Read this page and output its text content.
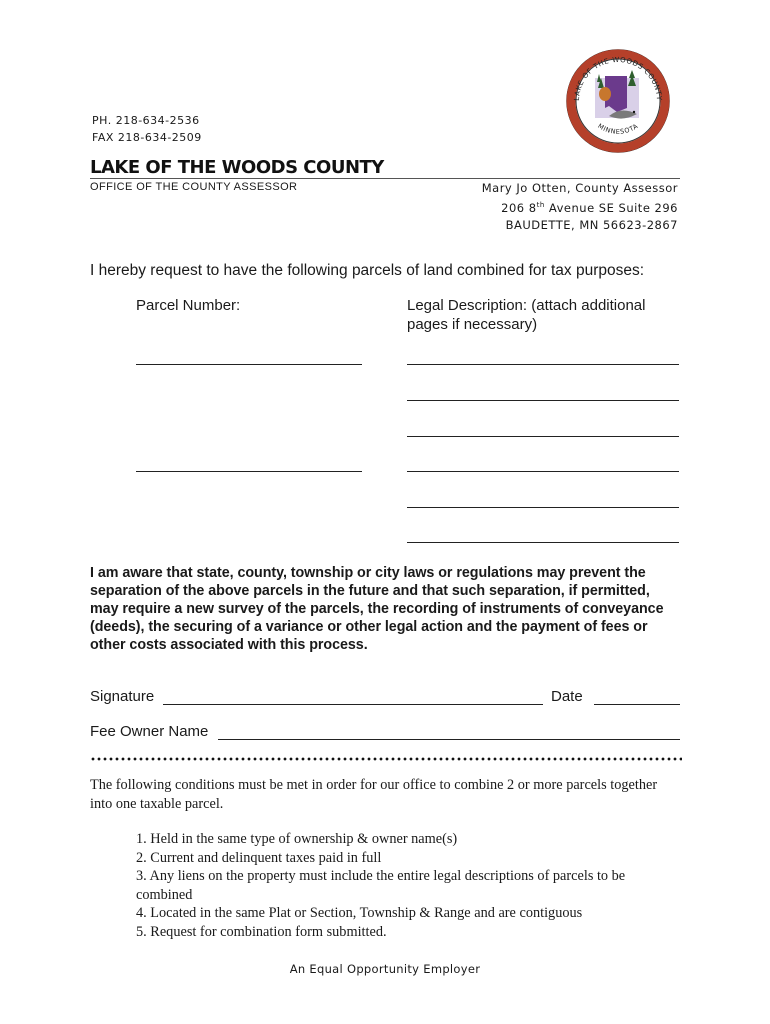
LAKE OF THE WOODS COUNTY
MINNESOTA
PH. 218-634-2536
FAX 218-634-2509
LAKE OF THE WOODS COUNTY
OFFICE OF THE COUNTY ASSESSOR	Mary Jo Otten, County Assessor
206 8th Avenue SE Suite 296
BAUDETTE, MN 56623-2867
I hereby request to have the following parcels of land combined for tax purposes:
Parcel Number:	Legal Description: (attach additional
pages if necessary)
I am aware that state, county, township or city laws or regulations may prevent the separation of the above parcels in the future and that such separation, if permitted, may require a new survey of the parcels, the recording of instruments of conveyance (deeds), the securing of a variance or other legal action and the payment of fees or other costs associated with this process.
Signature	Date
Fee Owner Name
The following conditions must be met in order for our office to combine 2 or more parcels together into one taxable parcel.
1. Held in the same type of ownership & owner name(s)
2. Current and delinquent taxes paid in full
3. Any liens on the property must include the entire legal descriptions of parcels to be
combined
4. Located in the same Plat or Section, Township & Range and are contiguous
5. Request for combination form submitted.
An Equal Opportunity Employer
